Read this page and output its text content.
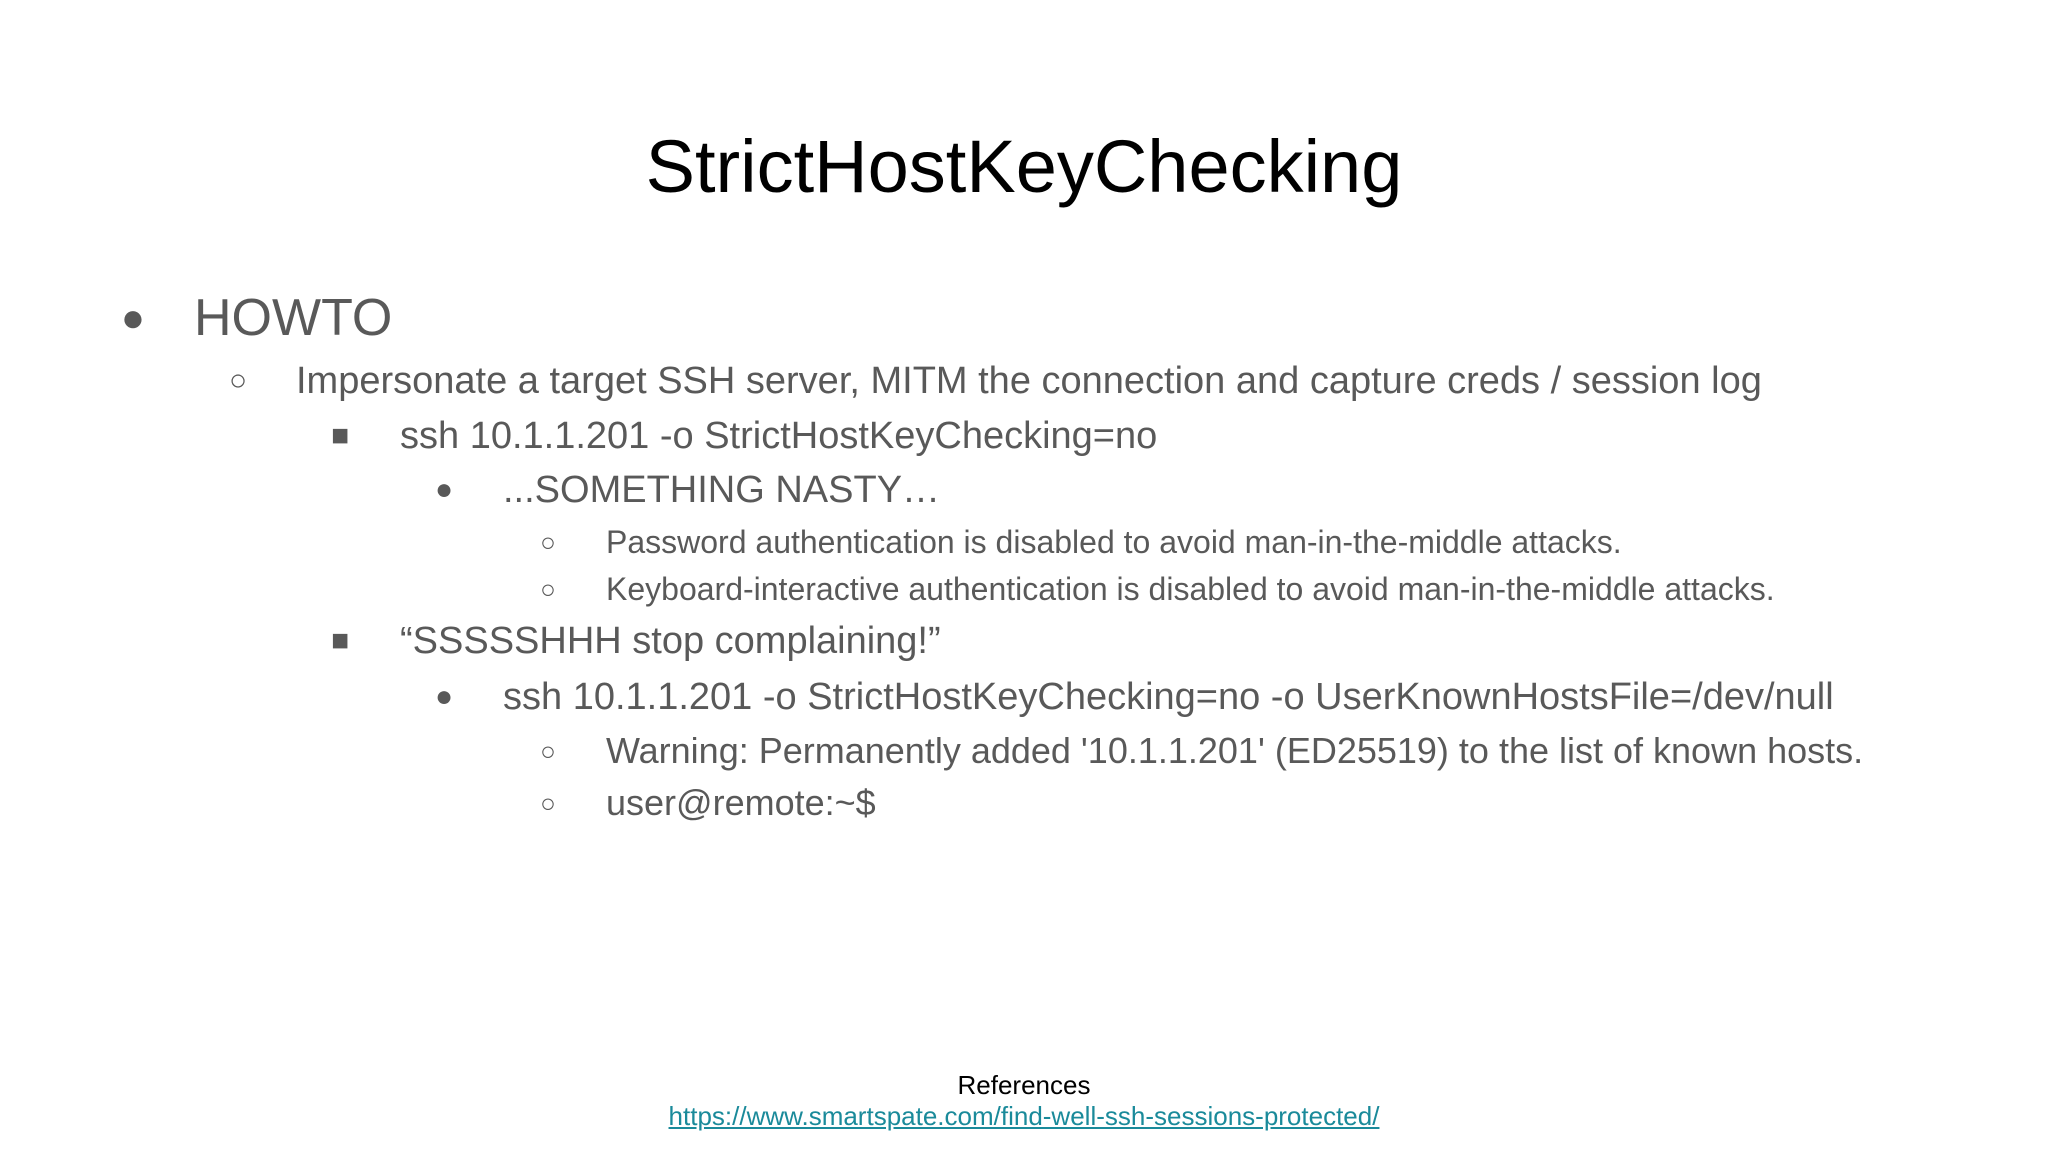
StrictHostKeyChecking
● HOWTO
○ Impersonate a target SSH server, MITM the connection and capture creds / session log
■ ssh 10.1.1.201 -o StrictHostKeyChecking=no
● ...SOMETHING NASTY…
○	Password authentication is disabled to avoid man-in-the-middle attacks.
○	Keyboard-interactive authentication is disabled to avoid man-in-the-middle attacks.
■ “SSSSSHHH stop complaining!”
● ssh 10.1.1.201 -o StrictHostKeyChecking=no -o UserKnownHostsFile=/dev/null
○ Warning: Permanently added '10.1.1.201' (ED25519) to the list of known hosts.
○ user@remote:~$
References
https://www.smartspate.com/find-well-ssh-sessions-protected/
